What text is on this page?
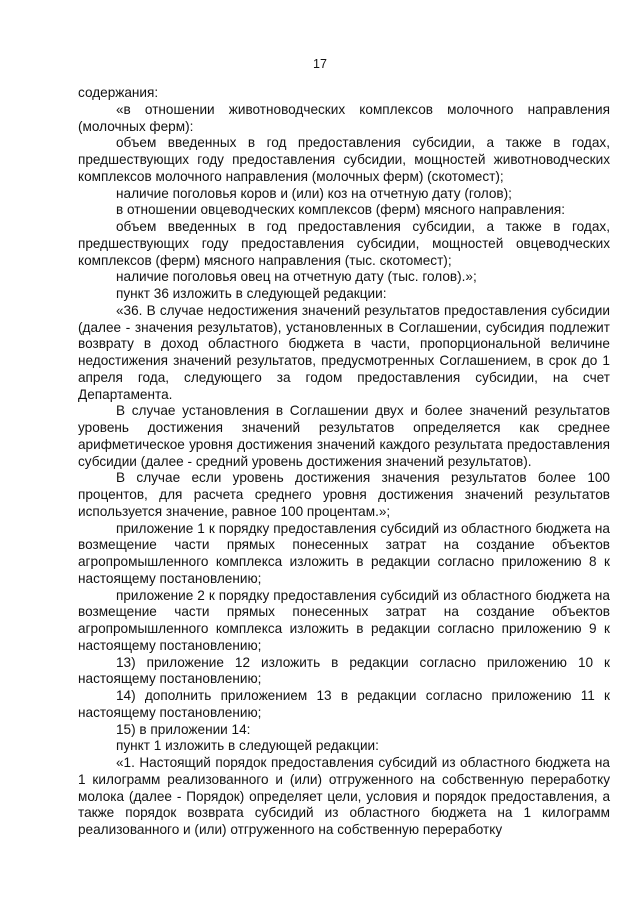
17

содержания:

«в отношении животноводческих комплексов молочного направления (молочных ферм):

объем введенных в год предоставления субсидии, а также в годах, предшествующих году предоставления субсидии, мощностей животноводческих комплексов молочного направления (молочных ферм) (скотомест);

наличие поголовья коров и (или) коз на отчетную дату (голов);

в отношении овцеводческих комплексов (ферм) мясного направления:

объем введенных в год предоставления субсидии, а также в годах, предшествующих году предоставления субсидии, мощностей овцеводческих комплексов (ферм) мясного направления (тыс. скотомест);

наличие поголовья овец на отчетную дату (тыс. голов).»;

пункт 36 изложить в следующей редакции:

«36. В случае недостижения значений результатов предоставления субсидии (далее - значения результатов), установленных в Соглашении, субсидия подлежит возврату в доход областного бюджета в части, пропорциональной величине недостижения значений результатов, предусмотренных Соглашением, в срок до 1 апреля года, следующего за годом предоставления субсидии, на счет Департамента.

В случае установления в Соглашении двух и более значений результатов уровень достижения значений результатов определяется как среднее арифметическое уровня достижения значений каждого результата предоставления субсидии (далее - средний уровень достижения значений результатов).

В случае если уровень достижения значения результатов более 100 процентов, для расчета среднего уровня достижения значений результатов используется значение, равное 100 процентам.»;

приложение 1 к порядку предоставления субсидий из областного бюджета на возмещение части прямых понесенных затрат на создание объектов агропромышленного комплекса изложить в редакции согласно приложению 8 к настоящему постановлению;

приложение 2 к порядку предоставления субсидий из областного бюджета на возмещение части прямых понесенных затрат на создание объектов агропромышленного комплекса изложить в редакции согласно приложению 9 к настоящему постановлению;

13) приложение 12 изложить в редакции согласно приложению 10 к настоящему постановлению;

14) дополнить приложением 13 в редакции согласно приложению 11 к настоящему постановлению;

15) в приложении 14:

пункт 1 изложить в следующей редакции:

«1. Настоящий порядок предоставления субсидий из областного бюджета на 1 килограмм реализованного и (или) отгруженного на собственную переработку молока (далее - Порядок) определяет цели, условия и порядок предоставления, а также порядок возврата субсидий из областного бюджета на 1 килограмм реализованного и (или) отгруженного на собственную переработку
